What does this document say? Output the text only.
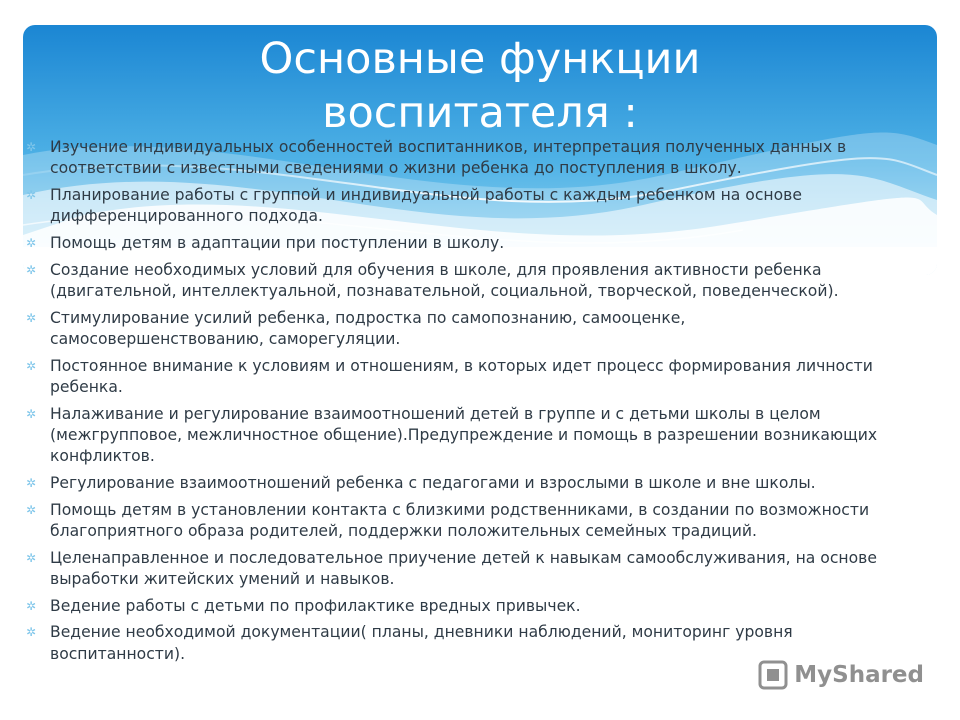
Основные функции
воспитателя :
✲ Изучение индивидуальных особенностей воспитанников, интерпретация полученных данных в соответствии с известными сведениями о жизни ребенка до поступления в школу.
✲ Планирование работы с группой и индивидуальной работы с каждым ребенком на основе дифференцированного подхода.
✲ Помощь детям в адаптации при поступлении в школу.
✲ Создание необходимых условий для обучения в школе, для проявления активности ребенка (двигательной, интеллектуальной, познавательной, социальной, творческой, поведенческой).
✲ Стимулирование усилий ребенка, подростка по самопознанию, самооценке, самосовершенствованию, саморегуляции.
✲ Постоянное внимание к условиям и отношениям, в которых идет процесс формирования личности ребенка.
✲ Налаживание и регулирование взаимоотношений детей в группе и с детьми школы в целом (межгрупповое, межличностное общение).Предупреждение и помощь в разрешении возникающих конфликтов.
✲ Регулирование взаимоотношений ребенка с педагогами и взрослыми в школе и вне школы.
✲ Помощь детям в установлении контакта с близкими родственниками, в создании по возможности благоприятного образа родителей, поддержки положительных семейных традиций.
✲ Целенаправленное и последовательное приучение детей к навыкам самообслуживания, на основе выработки житейских умений и навыков.
✲ Ведение работы с детьми по профилактике вредных привычек.
✲ Ведение необходимой документации( планы, дневники наблюдений, мониторинг уровня воспитанности).
MyShared
